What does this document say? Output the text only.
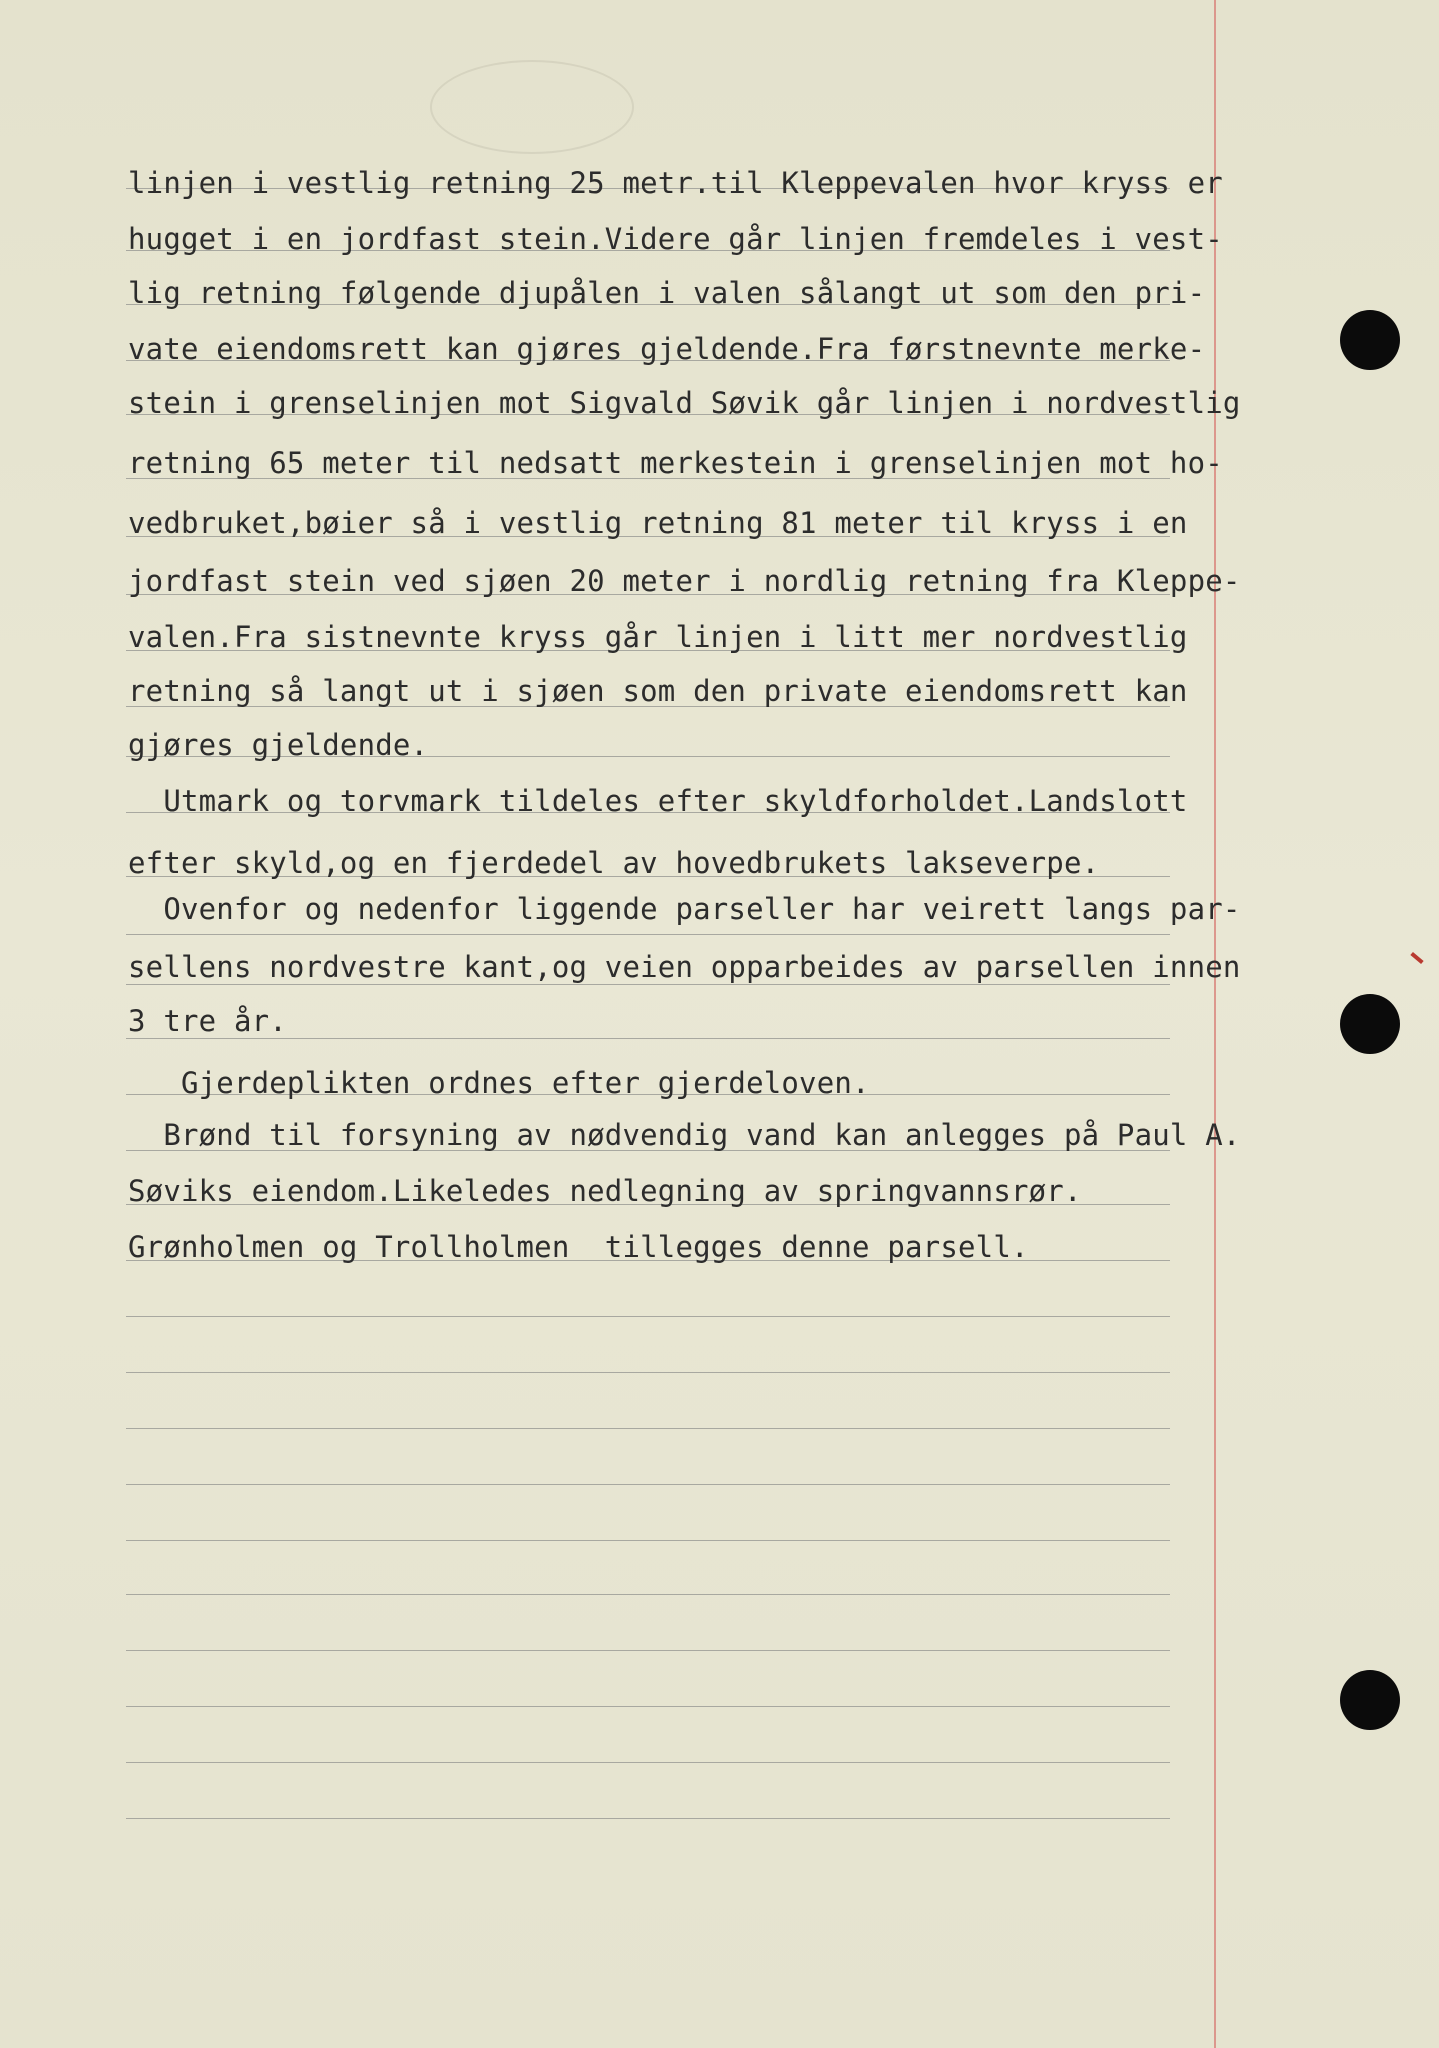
linjen i vestlig retning 25 metr.til Kleppevalen hvor kryss er

hugget i en jordfast stein.Videre går linjen fremdeles i vest-

lig retning følgende djupålen i valen sålangt ut som den pri-

vate eiendomsrett kan gjøres gjeldende.Fra førstnevnte merke-

stein i grenselinjen mot Sigvald Søvik går linjen i nordvestlig

retning 65 meter til nedsatt merkestein i grenselinjen mot ho-

vedbruket,bøier så i vestlig retning 81 meter til kryss i en

jordfast stein ved sjøen 20 meter i nordlig retning fra Kleppe-

valen.Fra sistnevnte kryss går linjen i litt mer nordvestlig

retning så langt ut i sjøen som den private eiendomsrett kan

gjøres gjeldende.

Utmark og torvmark tildeles efter skyldforholdet.Landslott

efter skyld,og en fjerdedel av hovedbrukets lakseverpe.

Ovenfor og nedenfor liggende parseller har veirett langs par-

sellens nordvestre kant,og veien opparbeides av parsellen innen

3 tre år.

Gjerdeplikten ordnes efter gjerdeloven.

Brønd til forsyning av nødvendig vand kan anlegges på Paul A.

Søviks eiendom.Likeledes nedlegning av springvannsrør.

Grønholmen og Trollholmen  tillegges denne parsell.
